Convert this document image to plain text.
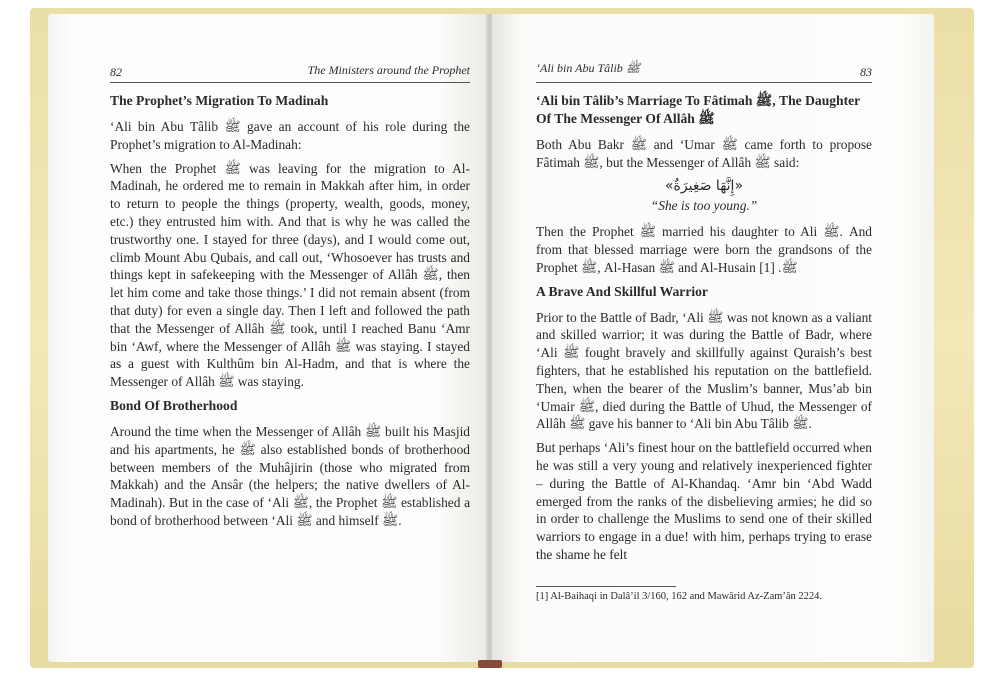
82	The Ministers around the Prophet
The Prophet’s Migration To Madinah

‘Ali bin Abu Tâlib ﷺ gave an account of his role during the Prophet’s migration to Al-Madinah:

When the Prophet ﷺ was leaving for the migration to Al-Madinah, he ordered me to remain in Makkah after him, in order to return to people the things (property, wealth, goods, money, etc.) they entrusted him with. And that is why he was called the trustworthy one. I stayed for three (days), and I would come out, climb Mount Abu Qubais, and call out, ‘Whosoever has trusts and things kept in safekeeping with the Messenger of Allâh ﷺ, then let him come and take those things.’ I did not remain absent (from that duty) for even a single day. Then I left and followed the path that the Messenger of Allâh ﷺ took, until I reached Banu ‘Amr bin ‘Awf, where the Messenger of Allâh ﷺ was staying. I stayed as a guest with Kulthûm bin Al-Hadm, and that is where the Messenger of Allâh ﷺ was staying.

Bond Of Brotherhood

Around the time when the Messenger of Allâh ﷺ built his Masjid and his apartments, he ﷺ also established bonds of brotherhood between members of the Muhâjirin (those who migrated from Makkah) and the Ansâr (the helpers; the native dwellers of Al-Madinah). But in the case of ‘Ali ﷺ, the Prophet ﷺ established a bond of brotherhood between ‘Ali ﷺ and himself ﷺ.

‘Ali bin Abu Tâlib ﷺ	83
‘Ali bin Tâlib’s Marriage To Fâtimah ﷺ, The Daughter Of The Messenger Of Allâh ﷺ

Both Abu Bakr ﷺ and ‘Umar ﷺ came forth to propose Fâtimah ﷺ, but the Messenger of Allâh ﷺ said:

«إِنَّهَا صَغِيرَةٌ»
“She is too young.”

Then the Prophet ﷺ married his daughter to Ali ﷺ. And from that blessed marriage were born the grandsons of the Prophet ﷺ, Al-Hasan ﷺ and Al-Husain ﷺ. [1]

A Brave And Skillful Warrior

Prior to the Battle of Badr, ‘Ali ﷺ was not known as a valiant and skilled warrior; it was during the Battle of Badr, where ‘Ali ﷺ fought bravely and skillfully against Quraish’s best fighters, that he established his reputation on the battlefield. Then, when the bearer of the Muslim’s banner, Mus’ab bin ‘Umair ﷺ, died during the Battle of Uhud, the Messenger of Allâh ﷺ gave his banner to ‘Ali bin Abu Tâlib ﷺ.

But perhaps ‘Ali’s finest hour on the battlefield occurred when he was still a very young and relatively inexperienced fighter – during the Battle of Al-Khandaq. ‘Amr bin ‘Abd Wadd emerged from the ranks of the disbelieving armies; he did so in order to challenge the Muslims to send one of their skilled warriors to engage in a due! with him, perhaps trying to erase the shame he felt

[1] Al-Baihaqi in Dalâ’il 3/160, 162 and Mawârid Az-Zam’ân 2224.
